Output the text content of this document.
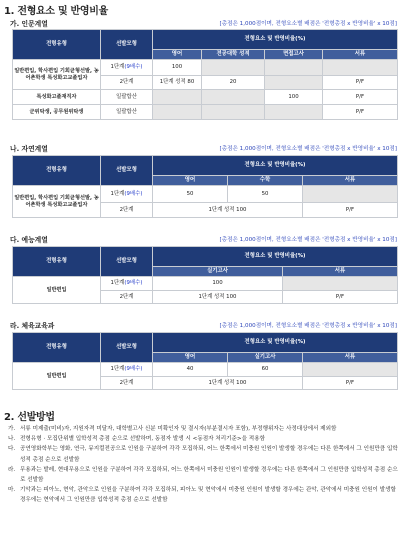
1. 전형요소 및 반영비율
가. 인문계열	[총점은 1,000점이며, 전형요소별 배점은 '전형총점 x 반영비율' x 10점]
전형유형	선발모형	전형요소 및 반영비율(%)			
		영어	전공대학 성적	면접고사	서류
일반편입, 학사편입 기회균형선발, 농어촌학생 특성화고교졸업자	1단계(9배수)	100			
	2단계	1단계 성적 80	20		P/F
특성화고졸재직자	일괄합산			100	P/F
군위탁생, 공무원위탁생	일괄합산				P/F
나. 자연계열	[총점은 1,000점이며, 전형요소별 배점은 '전형총점 x 반영비율' x 10점]
전형유형	선발모형	전형요소 및 반영비율(%)		
		영어	수학	서류
일반편입, 학사편입 기회균형선발, 농어촌학생 특성화고교졸업자	1단계(9배수)	50	50	
	2단계	1단계 성적 100		P/F
다. 예능계열	[총점은 1,000점이며, 전형요소별 배점은 '전형총점 x 반영비율' x 10점]
전형유형	선발모형	전형요소 및 반영비율(%)	
		실기고사	서류
일반편입	1단계(9배수)	100	
	2단계	1단계 성적 100	P/F
라. 체육교육과	[총점은 1,000점이며, 전형요소별 배점은 '전형총점 x 반영비율' x 10점]
전형유형	선발모형	전형요소 및 반영비율(%)		
		영어	실기고사	서류
일반편입	1단계(9배수)	40	60	
	2단계	1단계 성적 100		P/F
2. 선발방법
가. 서류 미제출(미비)자, 지원자격 미달자, 대학별고사 신분 미확인자 및 결시자(부분결시자 포함), 부정행위자는 사정대상에서 제외함
나. 전형유형 · 모집단위별 입학성적 총점 순으로 선발하며, 동점자 발생 시 <동점자 처리기준>을 적용함
다. 공연영화학부는 영화, 연극, 뮤지컬전공으로 인원을 구분하여 각각 모집하되, 어느 한쪽에서 미충원 인원이 발생할 경우에는 다른 한쪽에서 그 인원만큼 입학성적 총점 순으로 선발함
라. 무용과는 발레, 현대무용으로 인원을 구분하여 각각 모집하되, 어느 한쪽에서 미충원 인원이 발생할 경우에는 다른 한쪽에서 그 인원만큼 입학성적 총점 순으로 선발함
마. 기악과는 피아노, 현악, 관악으로 인원을 구분하여 각각 모집하되, 피아노 및 현악에서 미충원 인원이 발생할 경우에는 관악, 관악에서 미충원 인원이 발생할 경우에는 현악에서 그 인원만큼 입학성적 총점 순으로 선발함
